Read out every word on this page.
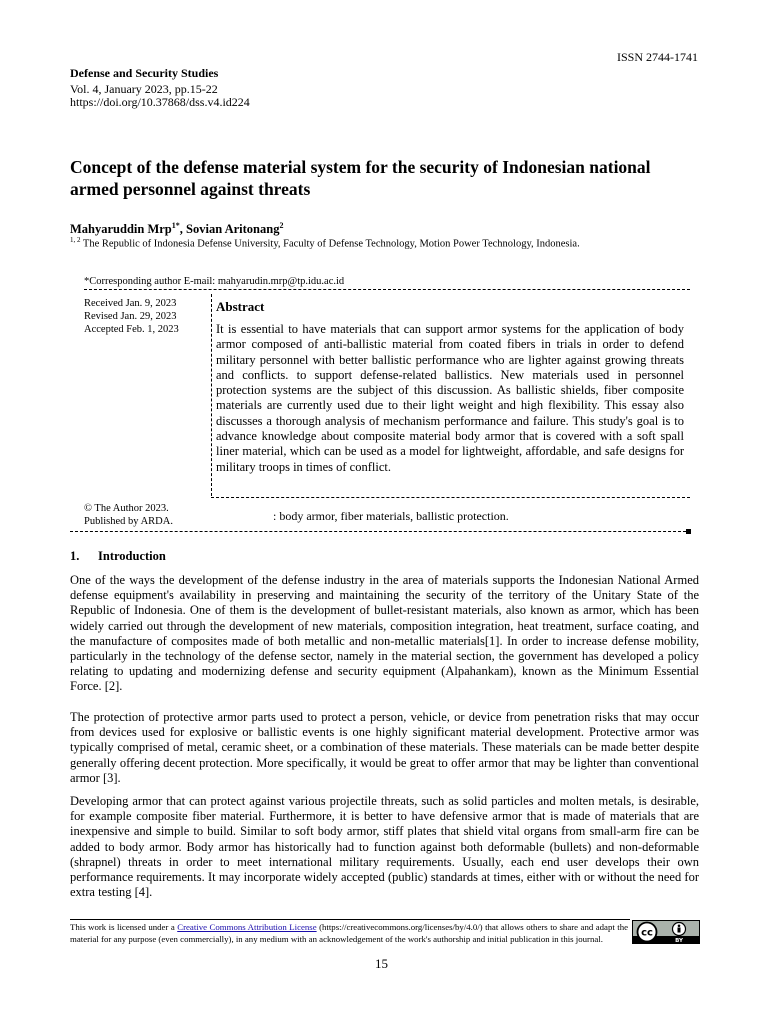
ISSN 2744-1741
Defense and Security Studies
Vol. 4, January 2023, pp.15-22
https://doi.org/10.37868/dss.v4.id224
Concept of the defense material system for the security of Indonesian national armed personnel against threats
Mahyaruddin Mrp$^{1*}$, Sovian Aritonang$^2$
$^{1, 2}$ The Republic of Indonesia Defense University, Faculty of Defense Technology, Motion Power Technology, Indonesia.
*Corresponding author E-mail: mahyarudin.mrp@tp.idu.ac.id
Received Jan. 9, 2023
Revised Jan. 29, 2023
Accepted Feb. 1, 2023
Abstract

It is essential to have materials that can support armor systems for the application of body armor composed of anti-ballistic material from coated fibers in trials in order to defend military personnel with better ballistic performance who are lighter against growing threats and conflicts. to support defense-related ballistics. New materials used in personnel protection systems are the subject of this discussion. As ballistic shields, fiber composite materials are currently used due to their light weight and high flexibility. This essay also discusses a thorough analysis of mechanism performance and failure. This study's goal is to advance knowledge about composite material body armor that is covered with a soft spall liner material, which can be used as a model for lightweight, affordable, and safe designs for military troops in times of conflict.

© The Author 2023.
Published by ARDA.	: body armor, fiber materials, ballistic protection.
1. Introduction

One of the ways the development of the defense industry in the area of materials supports the Indonesian National Armed defense equipment's availability in preserving and maintaining the security of the territory of the Unitary State of the Republic of Indonesia. One of them is the development of bullet-resistant materials, also known as armor, which has been widely carried out through the development of new materials, composition integration, heat treatment, surface coating, and the manufacture of composites made of both metallic and non-metallic materials[1]. In order to increase defense mobility, particularly in the technology of the defense sector, namely in the material section, the government has developed a policy relating to updating and modernizing defense and security equipment (Alpahankam), known as the Minimum Essential Force. [2].

The protection of protective armor parts used to protect a person, vehicle, or device from penetration risks that may occur from devices used for explosive or ballistic events is one highly significant material development. Protective armor was typically comprised of metal, ceramic sheet, or a combination of these materials. These materials can be made better despite generally offering decent protection. More specifically, it would be great to offer armor that may be lighter than conventional armor [3].

Developing armor that can protect against various projectile threats, such as solid particles and molten metals, is desirable, for example composite fiber material. Furthermore, it is better to have defensive armor that is made of materials that are inexpensive and simple to build. Similar to soft body armor, stiff plates that shield vital organs from small-arm fire can be added to body armor. Body armor has historically had to function against both deformable (bullets) and non-deformable (shrapnel) threats in order to meet international military requirements. Usually, each end user develops their own performance requirements. It may incorporate widely accepted (public) standards at times, either with or without the need for extra testing [4].

This work is licensed under a Creative Commons Attribution License (https://creativecommons.org/licenses/by/4.0/) that allows others to share and adapt the material for any purpose (even commercially), in any medium with an acknowledgement of the work's authorship and initial publication in this journal.	cc
BY
15
